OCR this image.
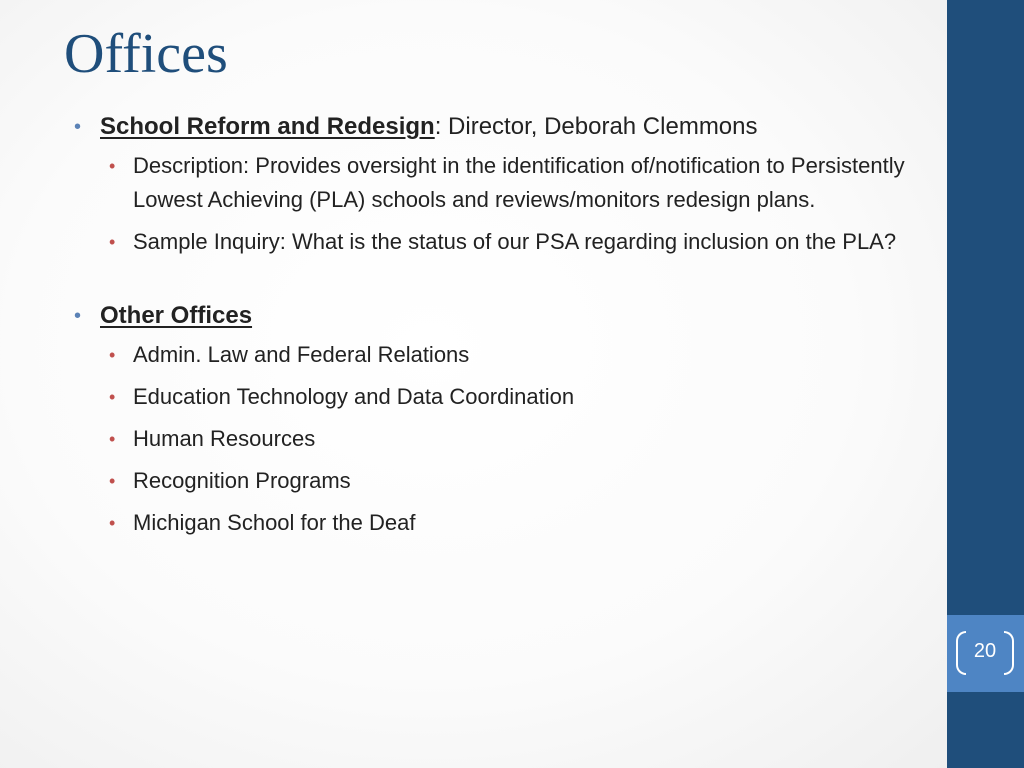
Offices
• School Reform and Redesign: Director, Deborah Clemmons
• Description: Provides oversight in the identification of/notification to Persistently Lowest Achieving (PLA) schools and reviews/monitors redesign plans.
• Sample Inquiry: What is the status of our PSA regarding inclusion on the PLA?
• Other Offices
• Admin. Law and Federal Relations
• Education Technology and Data Coordination
• Human Resources
• Recognition Programs
• Michigan School for the Deaf
20
